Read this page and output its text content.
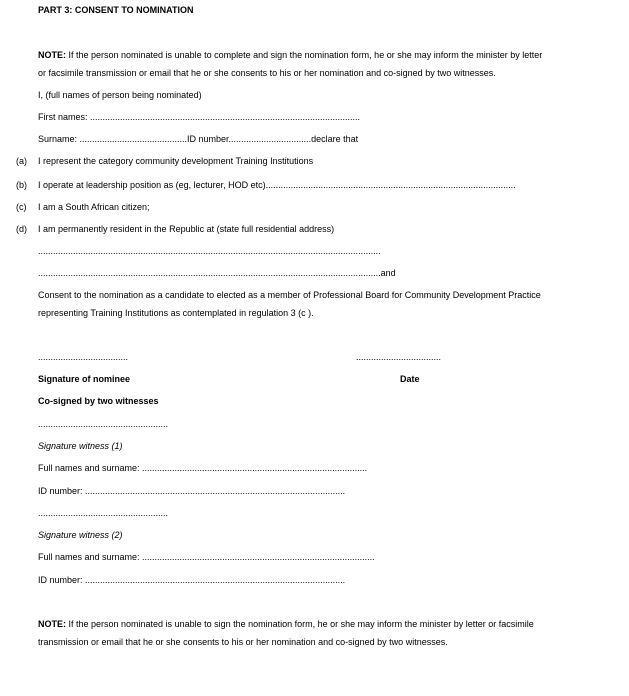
PART 3: CONSENT TO NOMINATION
NOTE: If the person nominated is unable to complete and sign the nomination form, he or she may inform the minister by letter
or facsimile transmission or email that he or she consents to his or her nomination and co-signed by two witnesses.
I, (full names of person being nominated)
First names: ............................................................................................................
Surname: ...........................................ID number.................................declare that
(a) I represent the category community development Training Institutions
(b) I operate at leadership position as (eg, lecturer, HOD etc)....................................................................................................
(c) I am a South African citizen;
(d) I am permanently resident in the Republic at (state full residential address)
.........................................................................................................................................
.........................................................................................................................................and
Consent to the nomination as a candidate to elected as a member of Professional Board for Community Development Practice
representing Training Institutions as contemplated in regulation 3 (c ).
....................................	..................................
Signature of nominee	Date
Co-signed by two witnesses
....................................................
Signature witness (1)
Full names and surname: ..........................................................................................
ID number: ........................................................................................................
....................................................
Signature witness (2)
Full names and surname: .............................................................................................
ID number: ........................................................................................................
NOTE: If the person nominated is unable to sign the nomination form, he or she may inform the minister by letter or facsimile
transmission or email that he or she consents to his or her nomination and co-signed by two witnesses.
